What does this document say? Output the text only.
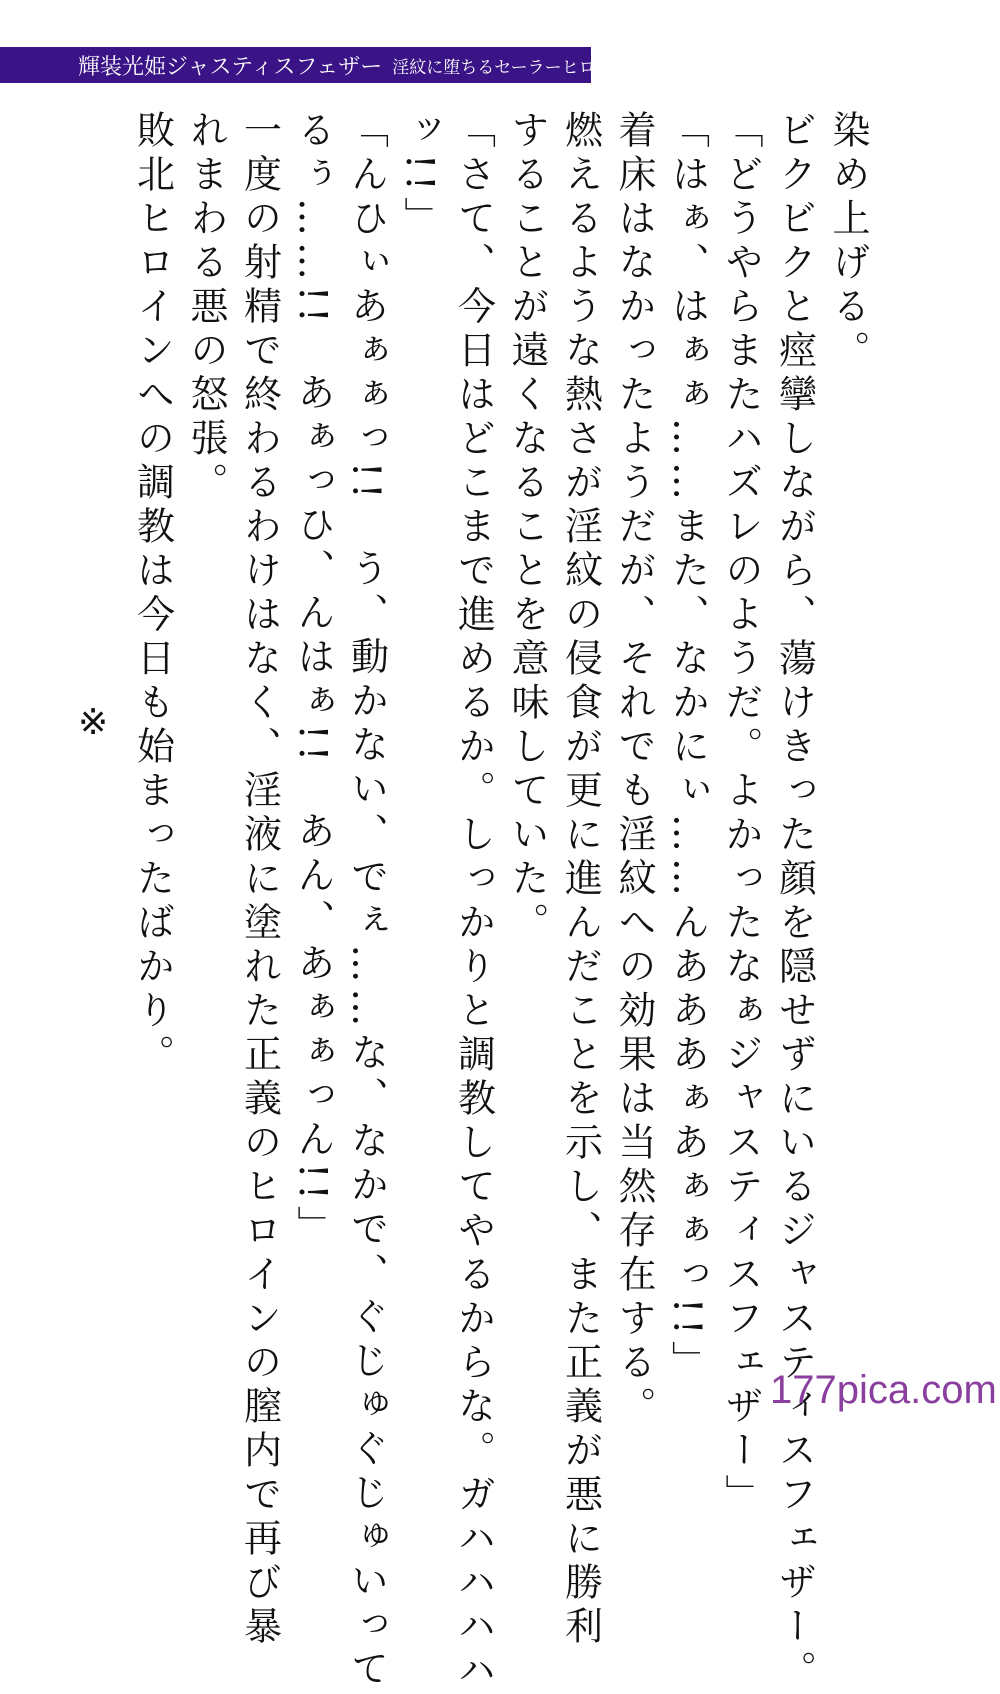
輝装光姫ジャスティスフェザー 淫紋に堕ちるセーラーヒロイン
染め上げる。
ビクビクと痙攣しながら、蕩けきった顔を隠せずにいるジャスティスフェザー。
「どうやらまたハズレのようだ。よかったなぁジャスティスフェザー」
「はぁ、はぁぁ……また、なかにぃ……んあああぁあぁぁっ!!」
着床はなかったようだが、それでも淫紋への効果は当然存在する。
燃えるような熱さが淫紋の侵食が更に進んだことを示し、また正義が悪に勝利
することが遠くなることを意味していた。
「さて、今日はどこまで進めるか。しっかりと調教してやるからな。ガハハハハ
ッ!!」
「んひぃあぁぁっ!!　う、動かない、でぇ……な、なかで、ぐじゅぐじゅいって
るぅ……!!　あぁっひ、んはぁ!!　あん、あぁぁっん!!」
一度の射精で終わるわけはなく、淫液に塗れた正義のヒロインの膣内で再び暴
れまわる悪の怒張。
敗北ヒロインへの調教は今日も始まったばかり。
※
177pica.com
